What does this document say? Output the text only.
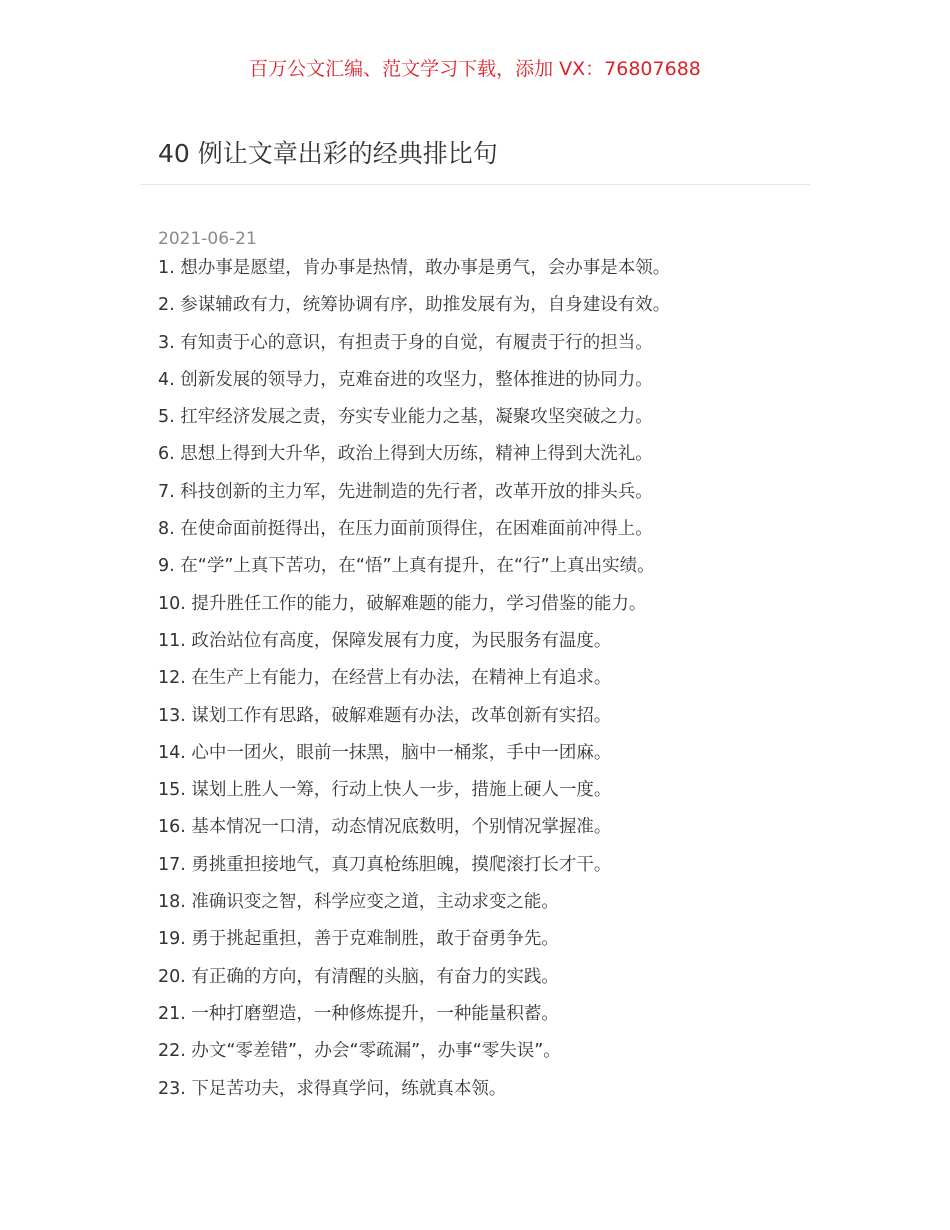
百万公文汇编、范文学习下载，添加 VX：76807688
40 例让文章出彩的经典排比句
2021-06-21
1. 想办事是愿望，肯办事是热情，敢办事是勇气，会办事是本领。
2. 参谋辅政有力，统筹协调有序，助推发展有为，自身建设有效。
3. 有知责于心的意识，有担责于身的自觉，有履责于行的担当。
4. 创新发展的领导力，克难奋进的攻坚力，整体推进的协同力。
5. 扛牢经济发展之责，夯实专业能力之基，凝聚攻坚突破之力。
6. 思想上得到大升华，政治上得到大历练，精神上得到大洗礼。
7. 科技创新的主力军，先进制造的先行者，改革开放的排头兵。
8. 在使命面前挺得出，在压力面前顶得住，在困难面前冲得上。
9. 在“学”上真下苦功，在“悟”上真有提升，在“行”上真出实绩。
10. 提升胜任工作的能力，破解难题的能力，学习借鉴的能力。
11. 政治站位有高度，保障发展有力度，为民服务有温度。
12. 在生产上有能力，在经营上有办法，在精神上有追求。
13. 谋划工作有思路，破解难题有办法，改革创新有实招。
14. 心中一团火，眼前一抹黑，脑中一桶浆，手中一团麻。
15. 谋划上胜人一筹，行动上快人一步，措施上硬人一度。
16. 基本情况一口清，动态情况底数明，个别情况掌握准。
17. 勇挑重担接地气，真刀真枪练胆魄，摸爬滚打长才干。
18. 准确识变之智，科学应变之道，主动求变之能。
19. 勇于挑起重担，善于克难制胜，敢于奋勇争先。
20. 有正确的方向，有清醒的头脑，有奋力的实践。
21. 一种打磨塑造，一种修炼提升，一种能量积蓄。
22. 办文“零差错”，办会“零疏漏”，办事“零失误”。
23. 下足苦功夫，求得真学问，练就真本领。
